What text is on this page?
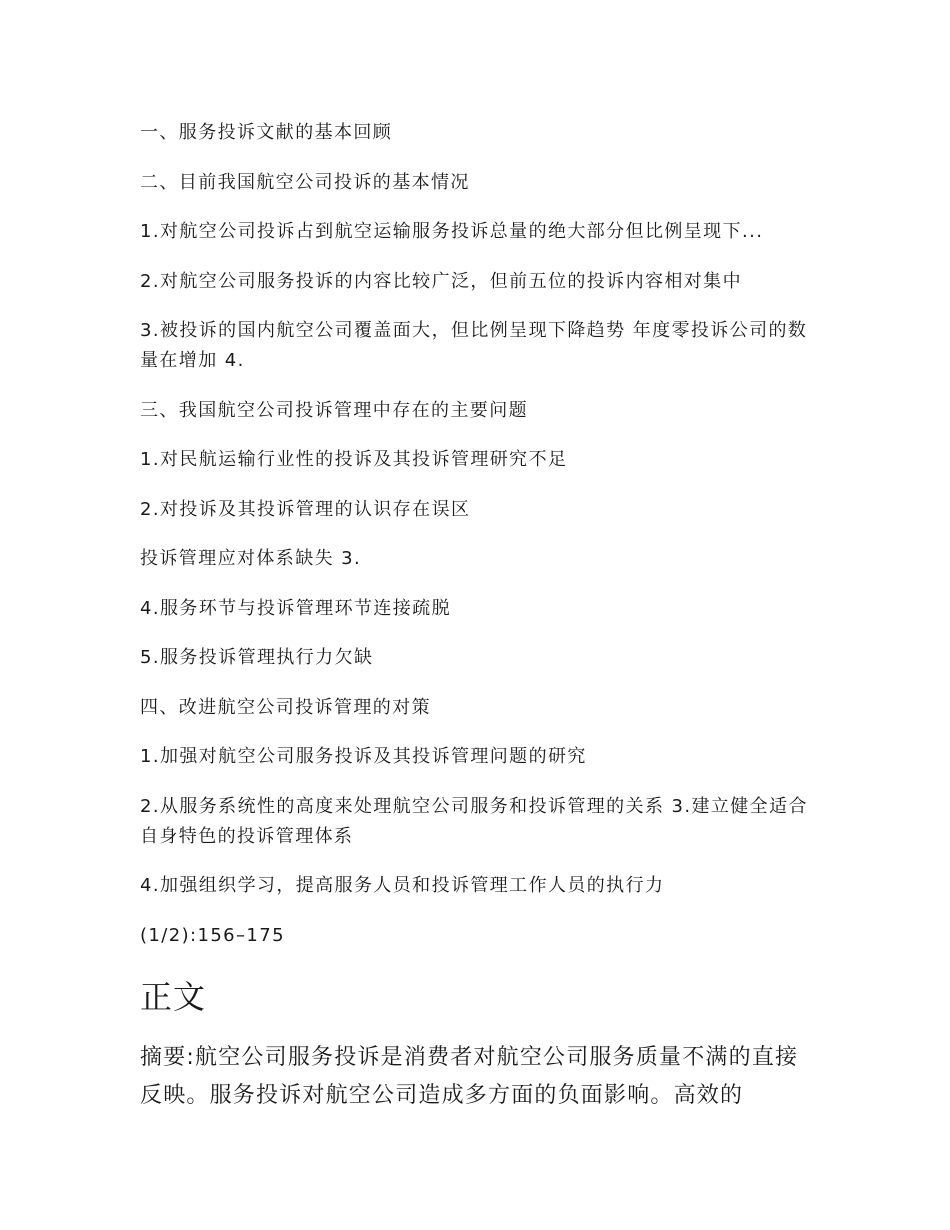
一、服务投诉文献的基本回顾

二、目前我国航空公司投诉的基本情况

1.对航空公司投诉占到航空运输服务投诉总量的绝大部分但比例呈现下...

2.对航空公司服务投诉的内容比较广泛，但前五位的投诉内容相对集中

3.被投诉的国内航空公司覆盖面大，但比例呈现下降趋势 年度零投诉公司的数量在增加 4.

三、我国航空公司投诉管理中存在的主要问题

1.对民航运输行业性的投诉及其投诉管理研究不足

2.对投诉及其投诉管理的认识存在误区

投诉管理应对体系缺失 3.

4.服务环节与投诉管理环节连接疏脱

5.服务投诉管理执行力欠缺

四、改进航空公司投诉管理的对策

1.加强对航空公司服务投诉及其投诉管理问题的研究

2.从服务系统性的高度来处理航空公司服务和投诉管理的关系 3.建立健全适合自身特色的投诉管理体系

4.加强组织学习，提高服务人员和投诉管理工作人员的执行力

(1/2):156–175

正文

摘要:航空公司服务投诉是消费者对航空公司服务质量不满的直接反映。服务投诉对航空公司造成多方面的负面影响。高效的
